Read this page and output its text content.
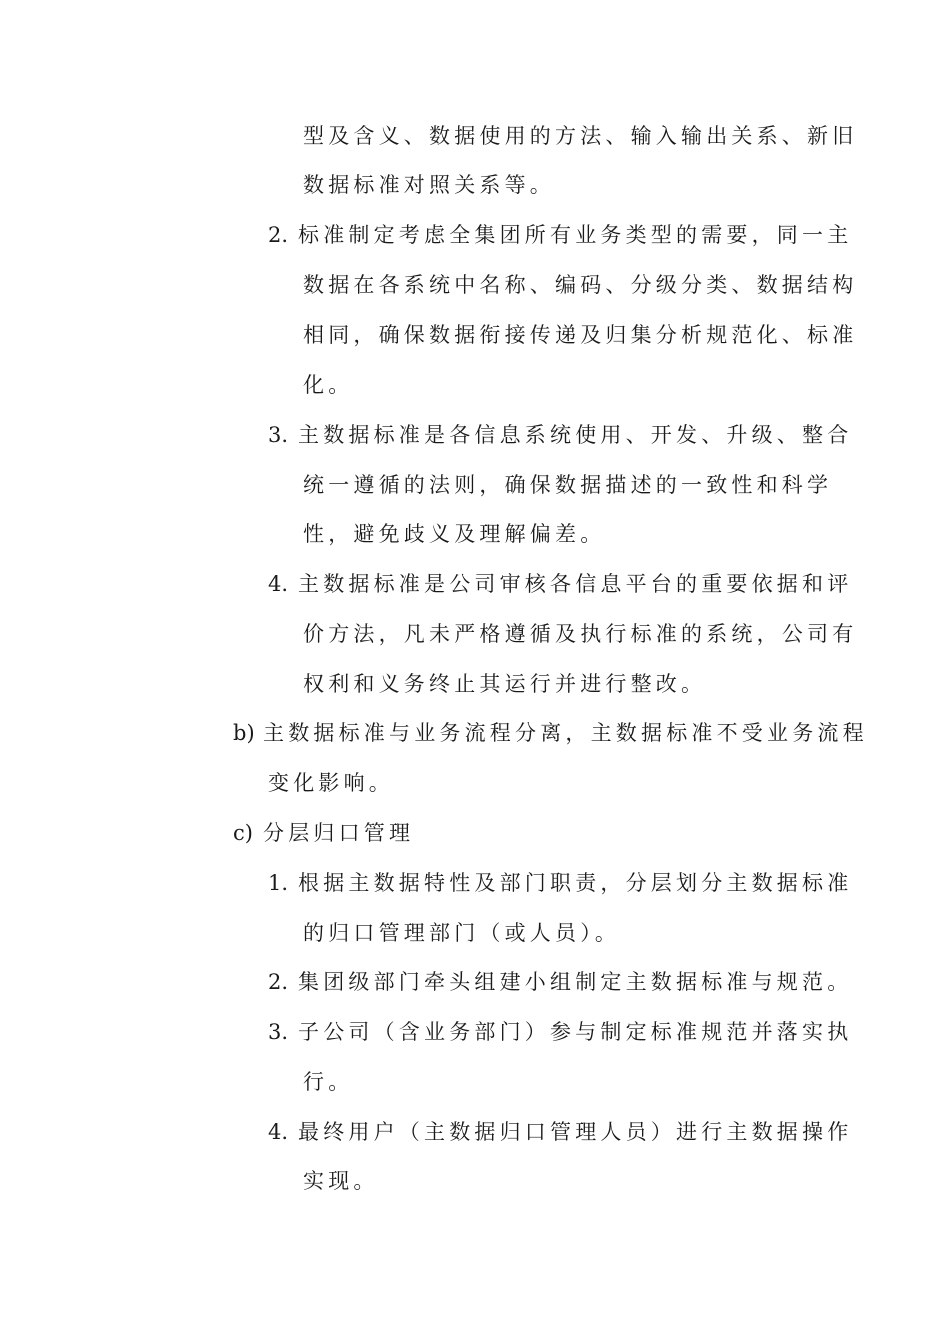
型及含义、数据使用的方法、输入输出关系、新旧
数据标准对照关系等。
2. 标准制定考虑全集团所有业务类型的需要，同一主
数据在各系统中名称、编码、分级分类、数据结构
相同，确保数据衔接传递及归集分析规范化、标准
化。
3. 主数据标准是各信息系统使用、开发、升级、整合
统一遵循的法则，确保数据描述的一致性和科学
性，避免歧义及理解偏差。
4. 主数据标准是公司审核各信息平台的重要依据和评
价方法，凡未严格遵循及执行标准的系统，公司有
权利和义务终止其运行并进行整改。
b) 主数据标准与业务流程分离，主数据标准不受业务流程
变化影响。
c) 分层归口管理
1. 根据主数据特性及部门职责，分层划分主数据标准
的归口管理部门（或人员）。
2. 集团级部门牵头组建小组制定主数据标准与规范。
3. 子公司（含业务部门）参与制定标准规范并落实执
行。
4. 最终用户（主数据归口管理人员）进行主数据操作
实现。
